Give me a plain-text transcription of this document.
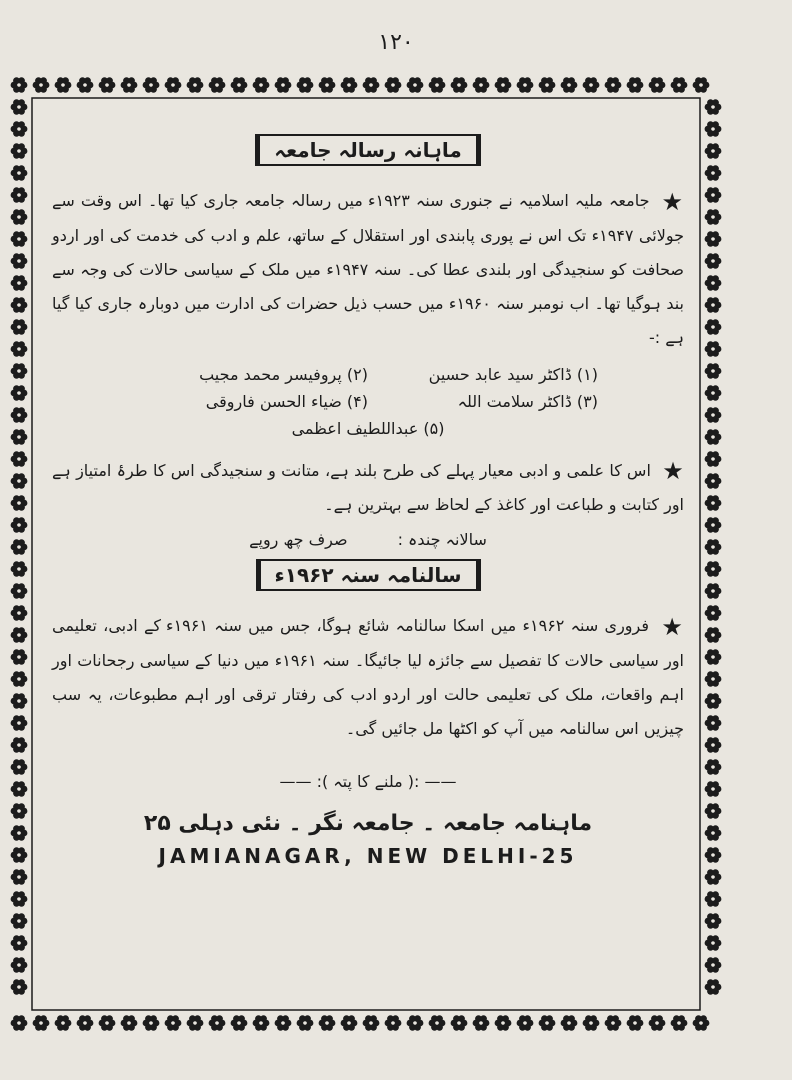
١٢٠
ماہانہ رسالہ جامعہ

★ جامعہ ملیہ اسلامیہ نے جنوری سنہ ۱۹۲۳ء میں رسالہ جامعہ جاری کیا تھا۔ اس وقت سے جولائی ۱۹۴۷ء تک اس نے پوری پابندی اور استقلال کے ساتھ، علم و ادب کی خدمت کی اور اردو صحافت کو سنجیدگی اور بلندی عطا کی۔ سنہ ۱۹۴۷ء میں ملک کے سیاسی حالات کی وجہ سے بند ہوگیا تھا۔ اب نومبر سنہ ۱۹۶۰ء میں حسب ذیل حضرات کی ادارت میں دوبارہ جاری کیا گیا ہے :-

(۱) ڈاکٹر سید عابد حسین
(۲) پروفیسر محمد مجیب
(۳) ڈاکٹر سلامت اللہ
(۴) ضیاء الحسن فاروقی
(۵) عبداللطیف اعظمی

★ اس کا علمی و ادبی معیار پہلے کی طرح بلند ہے، متانت و سنجیدگی اس کا طرۂ امتیاز ہے اور کتابت و طباعت اور کاغذ کے لحاظ سے بہترین ہے۔

سالانہ چندہ :
صرف چھ روپے
سالنامہ سنہ ۱۹۶۲ء

★ فروری سنہ ۱۹۶۲ء میں اسکا سالنامہ شائع ہوگا، جس میں سنہ ۱۹۶۱ء کے ادبی، تعلیمی اور سیاسی حالات کا تفصیل سے جائزہ لیا جائیگا۔ سنہ ۱۹۶۱ء میں دنیا کے سیاسی رجحانات اور اہم واقعات، ملک کی تعلیمی حالت اور اردو ادب کی رفتار ترقی اور اہم مطبوعات، یہ سب چیزیں اس سالنامہ میں آپ کو اکٹھا مل جائیں گی۔

—— :( ملنے کا پتہ ): ——
ماہنامہ جامعہ ۔ جامعہ نگر ۔ نئی دہلی ۲۵
JAMIANAGAR, NEW DELHI-25
